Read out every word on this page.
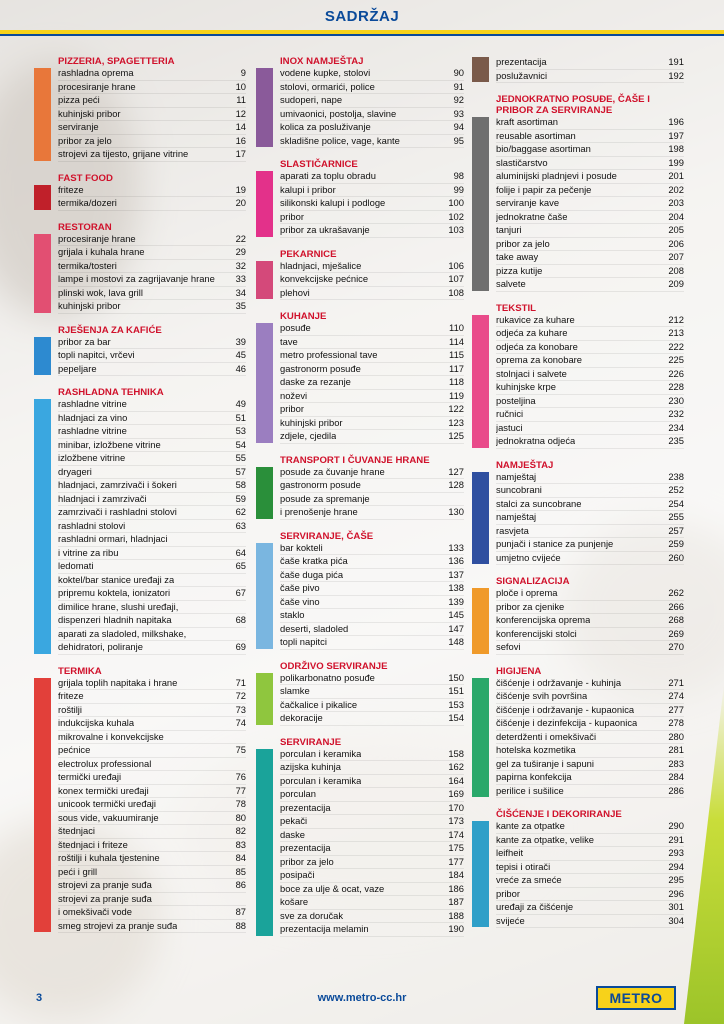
SADRŽAJ
PIZZERIA, SPAGETTERIA
rashladna oprema	9
procesiranje hrane	10
pizza peći	11
kuhinjski pribor	12
serviranje	14
pribor za jelo	16
strojevi za tijesto, grijane vitrine	17
FAST FOOD
friteze	19
termika/dozeri	20
RESTORAN
procesiranje hrane	22
grijala i kuhala hrane	29
termika/tosteri	32
lampe i mostovi za zagrijavanje hrane	33
plinski wok, lava grill	34
kuhinjski pribor	35
RJEŠENJA ZA KAFIĆE
pribor za bar	39
topli napitci, vrčevi	45
pepeljare	46
RASHLADNA TEHNIKA
rashladne vitrine	49
hladnjaci za vino	51
rashladne vitrine	53
minibar, izložbene vitrine	54
izložbene vitrine	55
dryageri	57
hladnjaci, zamrzivači i šokeri	58
hladnjaci i zamrzivači	59
zamrzivači i rashladni stolovi	62
rashladni stolovi	63
rashladni ormari, hladnjaci
i vitrine za ribu	64
ledomati	65
koktel/bar stanice uređaji za
pripremu koktela, ionizatori	67
dimilice hrane, slushi uređaji,
dispenzeri hladnih napitaka	68
aparati za sladoled, milkshake,
dehidratori, poliranje	69
TERMIKA
grijala toplih napitaka i hrane	71
friteze	72
roštilji	73
indukcijska kuhala	74
mikrovalne i konvekcijske
pećnice	75
electrolux professional
termički uređaji	76
konex termički uređaji	77
unicook termički uređaji	78
sous vide, vakuumiranje	80
štednjaci	82
štednjaci i friteze	83
roštilji i kuhala tjestenine	84
peći i grill	85
strojevi za pranje suđa	86
strojevi za pranje suđa
i omekšivači vode	87
smeg strojevi za pranje suđa	88
INOX NAMJEŠTAJ
vodene kupke, stolovi	90
stolovi, ormarići, police	91
sudoperi, nape	92
umivaonici, postolja, slavine	93
kolica za posluživanje	94
skladišne police, vage, kante	95
SLASTIČARNICE
aparati za toplu obradu	98
kalupi i pribor	99
silikonski kalupi i podloge	100
pribor	102
pribor za ukrašavanje	103
PEKARNICE
hladnjaci, mješalice	106
konvekcijske pećnice	107
plehovi	108
KUHANJE
posuđe	110
tave	114
metro professional tave	115
gastronorm posuđe	117
daske za rezanje	118
noževi	119
pribor	122
kuhinjski pribor	123
zdjele, cjedila	125
TRANSPORT I ČUVANJE HRANE
posude za čuvanje hrane	127
gastronorm posude	128
posude za spremanje
i prenošenje hrane	130
SERVIRANJE, ČAŠE
bar kokteli	133
čaše kratka pića	136
čaše duga pića	137
čaše pivo	138
čaše vino	139
staklo	145
deserti, sladoled	147
topli napitci	148
ODRŽIVO SERVIRANJE
polikarbonatno posuđe	150
slamke	151
čačkalice i pikalice	153
dekoracije	154
SERVIRANJE
porculan i keramika	158
azijska kuhinja	162
porculan i keramika	164
porculan	169
prezentacija	170
pekači	173
daske	174
prezentacija	175
pribor za jelo	177
posipači	184
boce za ulje & ocat, vaze	186
košare	187
sve za doručak	188
prezentacija melamin	190
prezentacija	191
poslužavnici	192
JEDNOKRATNO POSUĐE, ČAŠE I PRIBOR ZA SERVIRANJE
kraft asortiman	196
reusable asortiman	197
bio/baggase asortiman	198
slastičarstvo	199
aluminijski pladnjevi i posude	201
folije i papir za pečenje	202
serviranje kave	203
jednokratne čaše	204
tanjuri	205
pribor za jelo	206
take away	207
pizza kutije	208
salvete	209
TEKSTIL
rukavice za kuhare	212
odjeća za kuhare	213
odjeća za konobare	222
oprema za konobare	225
stolnjaci i salvete	226
kuhinjske krpe	228
posteljina	230
ručnici	232
jastuci	234
jednokratna odjeća	235
NAMJEŠTAJ
namještaj	238
suncobrani	252
stalci za suncobrane	254
namještaj	255
rasvjeta	257
punjači i stanice za punjenje	259
umjetno cvijeće	260
SIGNALIZACIJA
ploče i oprema	262
pribor za cjenike	266
konferencijska oprema	268
konferencijski stolci	269
sefovi	270
HIGIJENA
čišćenje i održavanje - kuhinja	271
čišćenje svih površina	274
čišćenje i održavanje - kupaonica	277
čišćenje i dezinfekcija - kupaonica	278
deterdženti i omekšivači	280
hotelska kozmetika	281
gel za tuširanje i sapuni	283
papirna konfekcija	284
perilice i sušilice	286
ČIŠĆENJE I DEKORIRANJE
kante za otpatke	290
kante za otpatke, velike	291
leifheit	293
tepisi i otirači	294
vreće za smeće	295
pribor	296
uređaji za čišćenje	301
svijeće	304
3	www.metro-cc.hr	METRO
